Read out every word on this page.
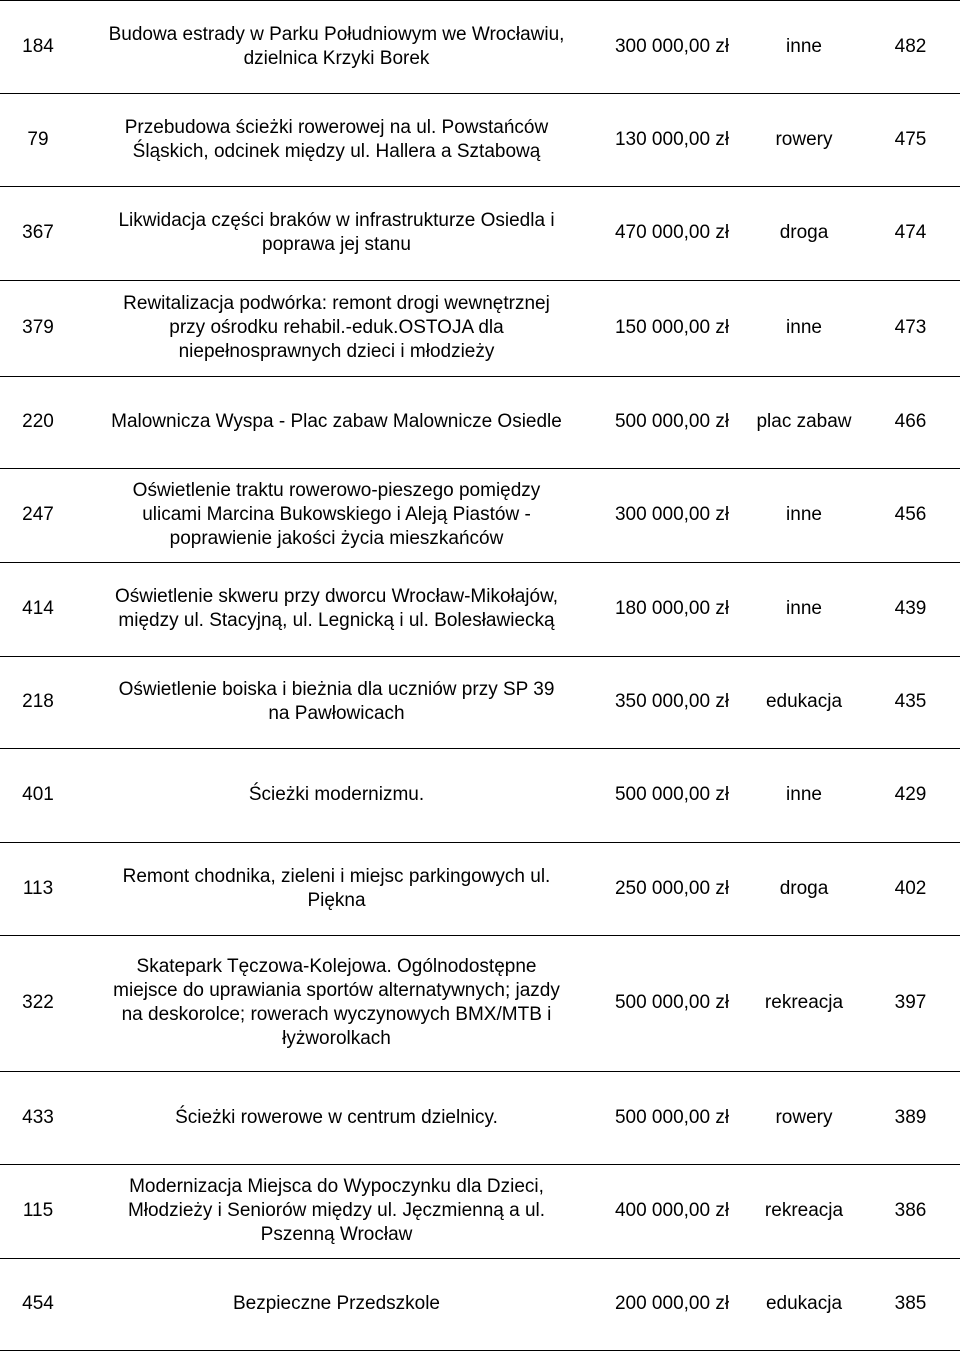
184
Budowa estrady w Parku Południowym we Wrocławiu,
dzielnica Krzyki Borek
300 000,00 zł	inne	482
79
Przebudowa ścieżki rowerowej na ul. Powstańców
Śląskich, odcinek między ul. Hallera a Sztabową
130 000,00 zł rowery	475
367
Likwidacja części braków w infrastrukturze Osiedla i
poprawa jej stanu
470 000,00 zł	droga	474
379
Rewitalizacja podwórka: remont drogi wewnętrznej
przy ośrodku rehabil.-eduk.OSTOJA dla
niepełnosprawnych dzieci i młodzieży
150 000,00 zł	inne	473
220	Malownicza Wyspa - Plac zabaw Malownicze Osiedle	500 000,00 zł plac zabaw 466
247
Oświetlenie traktu rowerowo-pieszego pomiędzy
ulicami Marcina Bukowskiego i Aleją Piastów -
poprawienie jakości życia mieszkańców
300 000,00 zł	inne	456
414
Oświetlenie skweru przy dworcu Wrocław-Mikołajów,
między ul. Stacyjną, ul. Legnicką i ul. Bolesławiecką
180 000,00 zł	inne	439
218
Oświetlenie boiska i bieżnia dla uczniów przy SP 39
na Pawłowicach
350 000,00 zł edukacja	435
401	Ścieżki modernizmu.	500 000,00 zł	inne	429
113
Remont chodnika, zieleni i miejsc parkingowych ul.
Piękna
250 000,00 zł	droga	402
322
Skatepark Tęczowa-Kolejowa. Ogólnodostępne
miejsce do uprawiania sportów alternatywnych; jazdy
na deskorolce; rowerach wyczynowych BMX/MTB i
łyżworolkach
500 000,00 zł rekreacja	397
433	Ścieżki rowerowe w centrum dzielnicy.	500 000,00 zł rowery	389
115
Modernizacja Miejsca do Wypoczynku dla Dzieci,
Młodzieży i Seniorów między ul. Jęczmienną a ul.
Pszenną Wrocław
400 000,00 zł rekreacja	386
454	Bezpieczne Przedszkole	200 000,00 zł edukacja	385
